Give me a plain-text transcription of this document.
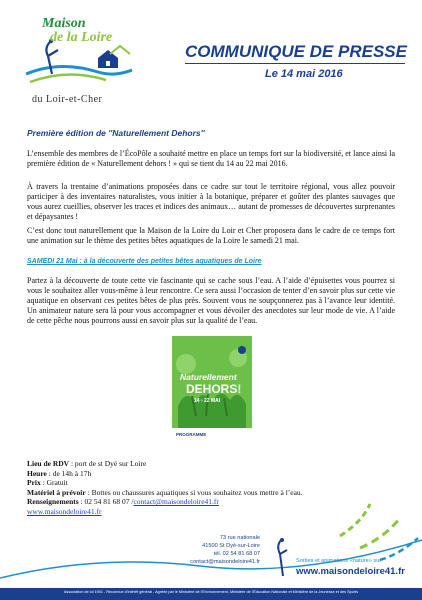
Maison
de la Loire
du Loir-et-Cher
COMMUNIQUE DE PRESSE
Le 14 mai 2016
Première édition de ''Naturellement Dehors''
L’ensemble des membres de l’ÉcoPôle a souhaité mettre en place un temps fort sur la biodiversité, et lance ainsi la première édition de « Naturellement dehors ! » qui se tient du 14 au 22 mai 2016.
À travers la trentaine d’animations proposées dans ce cadre sur tout le territoire régional, vous allez pouvoir participer à des inventaires naturalistes, vous initier à la botanique, préparer et goûter des plantes sauvages que vous aurez cueillies, observer les traces et indices des animaux… autant de promesses de découvertes surprenantes et dépaysantes !
C’est donc tout naturellement que la Maison de la Loire du Loir et Cher proposera dans le cadre de ce temps fort une animation sur le thème des petites bêtes aquatiques de la Loire le samedi 21 mai.
SAMEDI 21 Mai : à la découverte des petites bêtes aquatiques de Loire
Partez à la découverte de toute cette vie fascinante qui se cache sous l’eau. A l’aide d’épuisettes vous pourrez si vous le souhaitez aller vous-même à leur rencontre. Ce sera aussi l’occasion de tenter d’en savoir plus sur cette vie aquatique en observant ces petites bêtes de plus près. Souvent vous ne soupçonnerez pas à l’avance leur identité. Un animateur nature sera là pour vous accompagner et vous dévoiler des anecdotes sur leur mode de vie. A l’aide de cette pêche nous pourrons aussi en savoir plus sur la qualité de l’eau.
Naturellement
DEHORS!
14 › 22 MAI
PROGRAMME
Lieu de RDV : port de st Dyé sur Loire
Heure : de 14h à 17h
Prix : Gratuit
Matériel à prévoir : Bottes ou chaussures aquatiques si vous souhaitez vous mettre à l’eau.
Renseignements : 02 54 81 68 07 /contact@maisondeloire41.fr
www.maisondeloire41.fr
73 rue nationale
41500 St Dyé-sur-Loire
tél. 02 54 81 68 07
contact@maisondeloire41.fr	Sorties et animations «nature» sur
www.maisondeloire41.fr
Association de loi 1901 - Reconnue d’intérêt général - Agréée par le Ministère de l’Environnement, Ministère de l’Éducation Nationale et Ministère de la Jeunesse et des Sports
